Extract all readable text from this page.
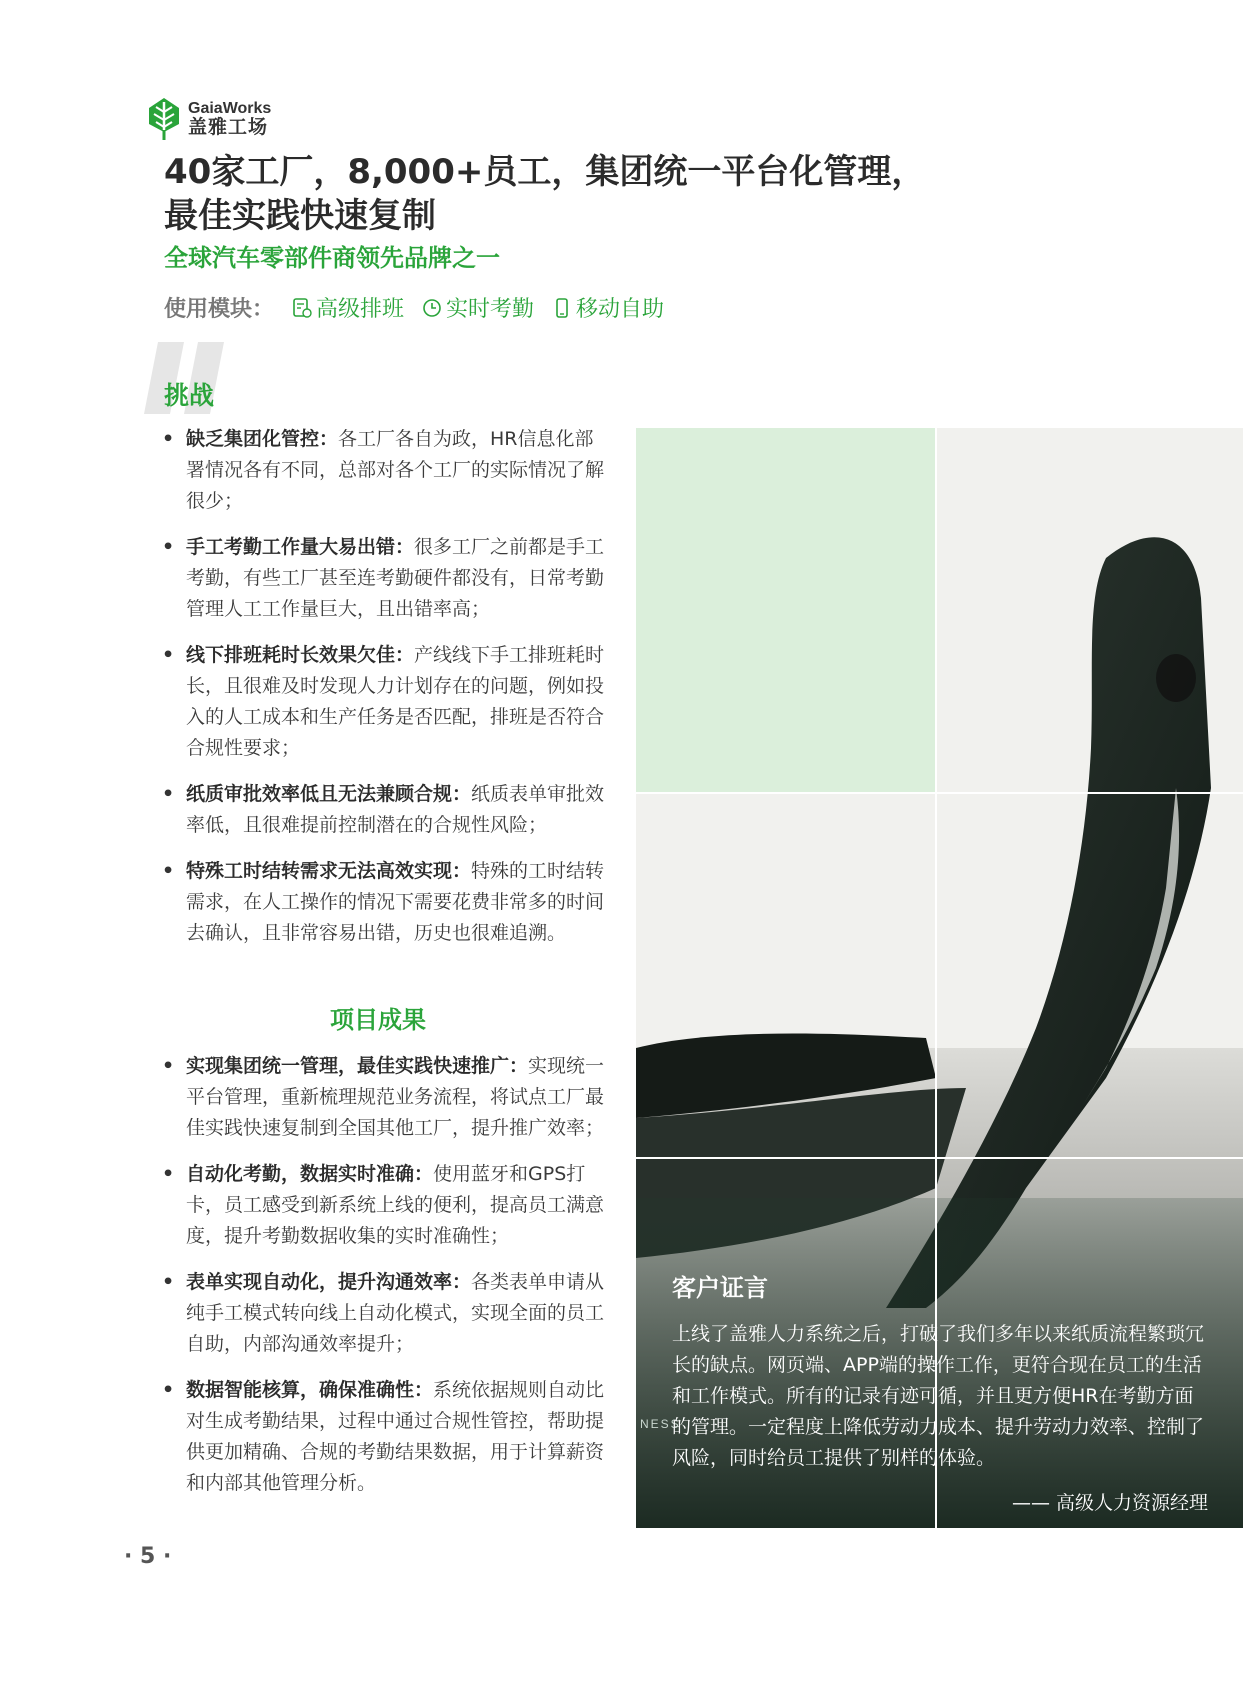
GaiaWorks
盖雅工场
40家工厂，8,000+员工，集团统一平台化管理，
最佳实践快速复制
全球汽车零部件商领先品牌之一
使用模块： 高级排班 实时考勤 移动自助
挑战
• 缺乏集团化管控：各工厂各自为政，HR信息化部署情况各有不同，总部对各个工厂的实际情况了解很少；
• 手工考勤工作量大易出错：很多工厂之前都是手工考勤，有些工厂甚至连考勤硬件都没有，日常考勤管理人工工作量巨大，且出错率高；
• 线下排班耗时长效果欠佳：产线线下手工排班耗时长，且很难及时发现人力计划存在的问题，例如投入的人工成本和生产任务是否匹配，排班是否符合合规性要求；
• 纸质审批效率低且无法兼顾合规：纸质表单审批效率低，且很难提前控制潜在的合规性风险；
• 特殊工时结转需求无法高效实现：特殊的工时结转需求，在人工操作的情况下需要花费非常多的时间去确认，且非常容易出错，历史也很难追溯。
项目成果
• 实现集团统一管理，最佳实践快速推广：实现统一平台管理，重新梳理规范业务流程，将试点工厂最佳实践快速复制到全国其他工厂，提升推广效率；
• 自动化考勤，数据实时准确：使用蓝牙和GPS打卡，员工感受到新系统上线的便利，提高员工满意度，提升考勤数据收集的实时准确性；
• 表单实现自动化，提升沟通效率：各类表单申请从纯手工模式转向线上自动化模式，实现全面的员工自助，内部沟通效率提升；
• 数据智能核算，确保准确性：系统依据规则自动比对生成考勤结果，过程中通过合规性管控，帮助提供更加精确、合规的考勤结果数据，用于计算薪资和内部其他管理分析。
NESS
客户证言
上线了盖雅人力系统之后，打破了我们多年以来纸质流程繁琐冗长的缺点。网页端、APP端的操作工作，更符合现在员工的生活和工作模式。所有的记录有迹可循，并且更方便HR在考勤方面的管理。一定程度上降低劳动力成本、提升劳动力效率、控制了风险，同时给员工提供了别样的体验。
—— 高级人力资源经理
· 5 ·
